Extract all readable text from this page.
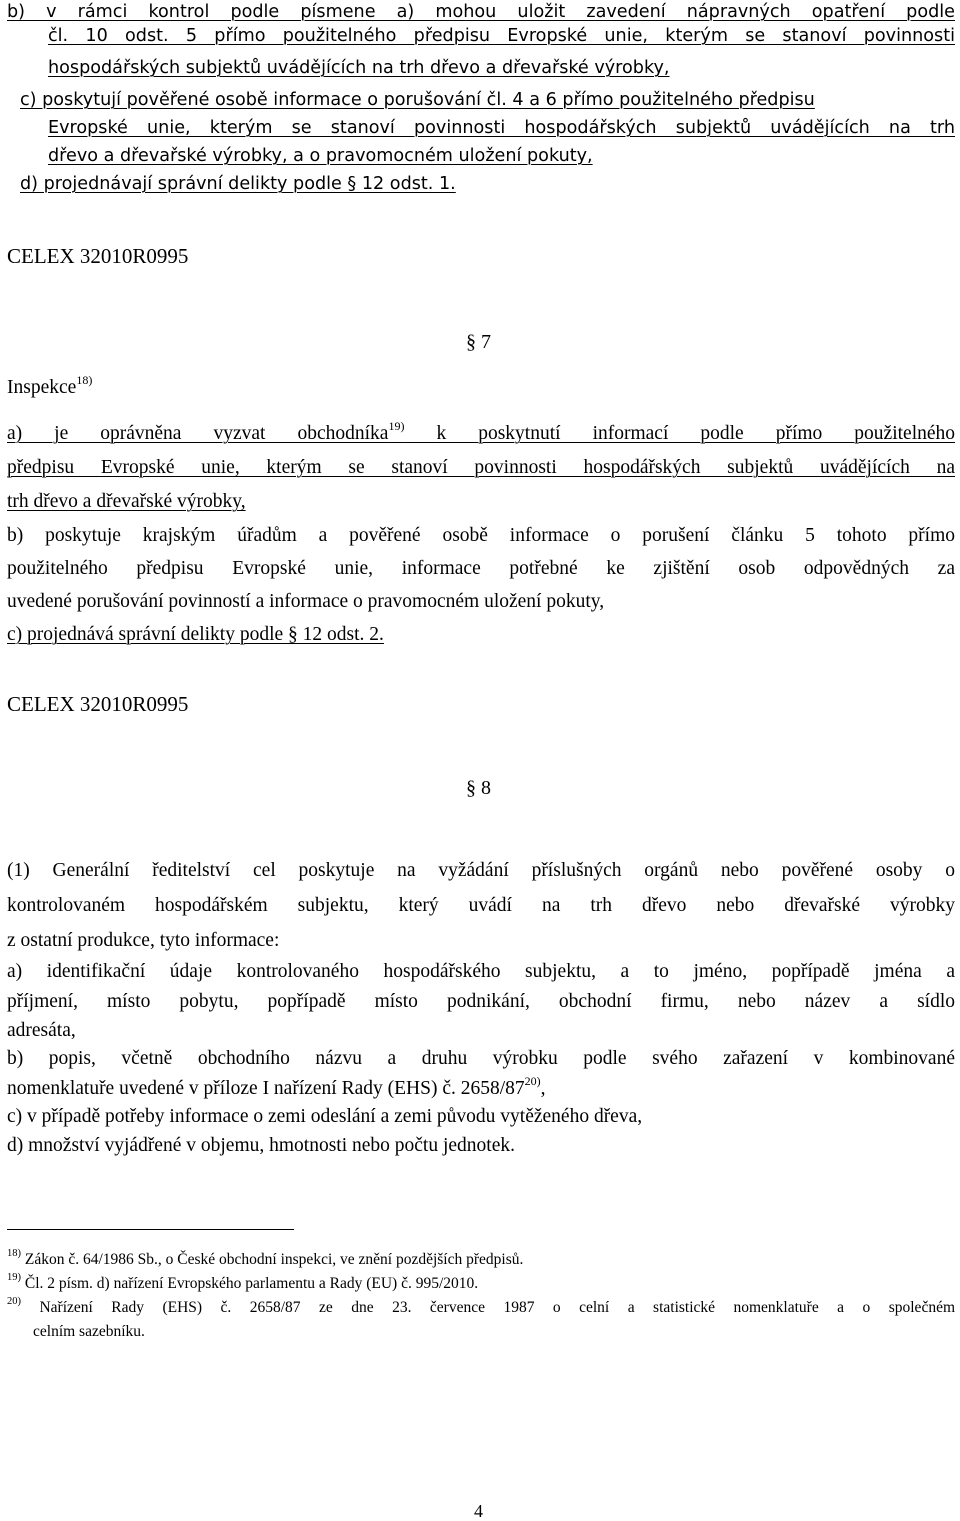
b) v rámci kontrol podle písmene a) mohou uložit zavedení nápravných opatření podle
čl. 10 odst. 5 přímo použitelného předpisu Evropské unie, kterým se stanoví povinnosti
hospodářských subjektů uvádějících na trh dřevo a dřevařské výrobky,
c) poskytují pověřené osobě informace o porušování čl. 4 a 6 přímo použitelného předpisu
Evropské unie, kterým se stanoví povinnosti hospodářských subjektů uvádějících na trh
dřevo a dřevařské výrobky, a o pravomocném uložení pokuty,
d) projednávají správní delikty podle § 12 odst. 1.
CELEX 32010R0995
§ 7
Inspekce$^{18)}$
a) je oprávněna vyzvat obchodníka$^{19)}$ k poskytnutí informací podle přímo použitelného
předpisu Evropské unie, kterým se stanoví povinnosti hospodářských subjektů uvádějících na
trh dřevo a dřevařské výrobky,
b) poskytuje krajským úřadům a pověřené osobě informace o porušení článku 5 tohoto přímo
použitelného předpisu Evropské unie, informace potřebné ke zjištění osob odpovědných za
uvedené porušování povinností a informace o pravomocném uložení pokuty,
c) projednává správní delikty podle § 12 odst. 2.
CELEX 32010R0995
§ 8
(1) Generální ředitelství cel poskytuje na vyžádání příslušných orgánů nebo pověřené osoby o
kontrolovaném hospodářském subjektu, který uvádí na trh dřevo nebo dřevařské výrobky
z ostatní produkce, tyto informace:
a) identifikační údaje kontrolovaného hospodářského subjektu, a to jméno, popřípadě jména a
příjmení, místo pobytu, popřípadě místo podnikání, obchodní firmu, nebo název a sídlo
adresáta,
b) popis, včetně obchodního názvu a druhu výrobku podle svého zařazení v kombinované
nomenklatuře uvedené v příloze I nařízení Rady (EHS) č. 2658/87$^{20)}$,
c) v případě potřeby informace o zemi odeslání a zemi původu vytěženého dřeva,
d) množství vyjádřené v objemu, hmotnosti nebo počtu jednotek.
$^{18)}$ Zákon č. 64/1986 Sb., o České obchodní inspekci, ve znění pozdějších předpisů.
$^{19)}$ Čl. 2 písm. d) nařízení Evropského parlamentu a Rady (EU) č. 995/2010.
$^{20)}$ Nařízení Rady (EHS) č. 2658/87 ze dne 23. července 1987 o celní a statistické nomenklatuře a o společném
celním sazebníku.
4
